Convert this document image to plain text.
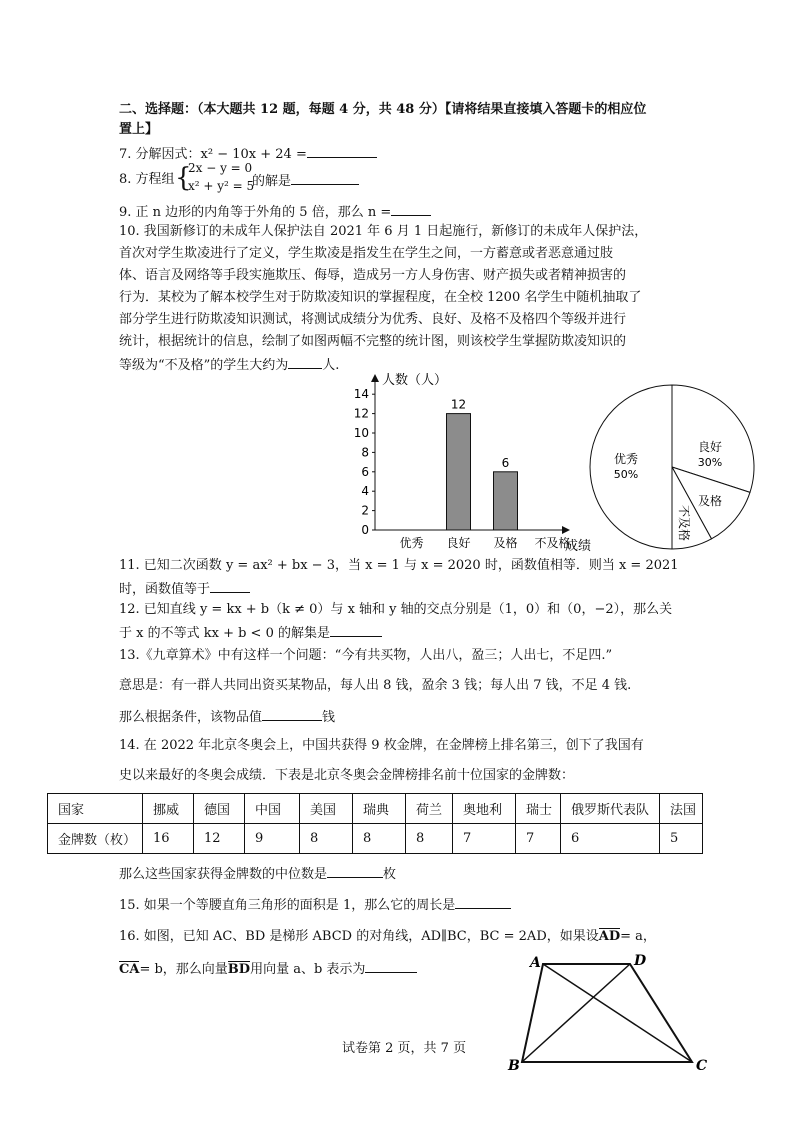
二、选择题：（本大题共 12 题，每题 4 分，共 48 分）【请将结果直接填入答题卡的相应位
置上】
7. 分解因式：x² − 10x + 24 =
8. 方程组 {
2x − y = 0
x² + y² = 5
的解是
9. 正 n 边形的内角等于外角的 5 倍，那么 n =
10. 我国新修订的未成年人保护法自 2021 年 6 月 1 日起施行，新修订的未成年人保护法，
首次对学生欺凌进行了定义，学生欺凌是指发生在学生之间，一方蓄意或者恶意通过肢
体、语言及网络等手段实施欺压、侮辱，造成另一方人身伤害、财产损失或者精神损害的
行为．某校为了解本校学生对于防欺凌知识的掌握程度，在全校 1200 名学生中随机抽取了
部分学生进行防欺凌知识测试，将测试成绩分为优秀、良好、及格不及格四个等级并进行
统计，根据统计的信息，绘制了如图两幅不完整的统计图，则该校学生掌握防欺凌知识的
等级为“不及格”的学生大约为	人.
人数（人）
0
2
4
6
8
10
12
14
优秀 良好
12
及格
6
不及格
成绩
良好
30%
及格
不及格
优秀
50%
11. 已知二次函数 y = ax² + bx − 3，当 x = 1 与 x = 2020 时，函数值相等．则当 x = 2021
时，函数值等于
12. 已知直线 y = kx + b（k ≠ 0）与 x 轴和 y 轴的交点分别是（1，0）和（0，−2），那么关
于 x 的不等式 kx + b < 0 的解集是
13.《九章算术》中有这样一个问题：“今有共买物，人出八，盈三；人出七，不足四.”
意思是：有一群人共同出资买某物品，每人出 8 钱，盈余 3 钱；每人出 7 钱，不足 4 钱.
那么根据条件，该物品值	钱
14. 在 2022 年北京冬奥会上，中国共获得 9 枚金牌，在金牌榜上排名第三，创下了我国有
史以来最好的冬奥会成绩．下表是北京冬奥会金牌榜排名前十位国家的金牌数：
国家	挪威	德国	中国	美国	瑞典	荷兰	奥地利	瑞士	俄罗斯代表队	法国
金牌数（枚）	16	12	9	8	8	8	7	7	6	5
那么这些国家获得金牌数的中位数是	枚
15. 如果一个等腰直角三角形的面积是 1，那么它的周长是
16. 如图，已知 AC、BD 是梯形 ABCD 的对角线，AD∥BC，BC = 2AD，如果设AD= a，
CA= b，那么向量BD用向量 a、b 表示为	A	D
B	C
试卷第 2 页，共 7 页
